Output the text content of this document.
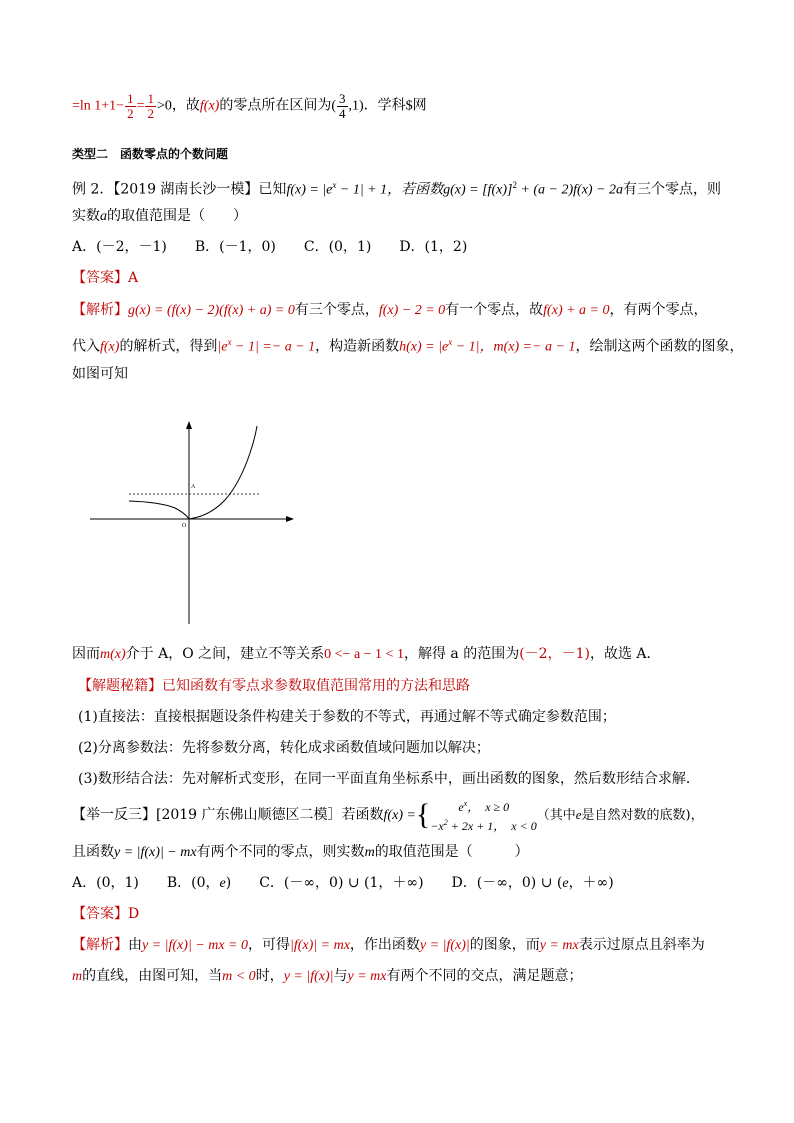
=ln $1+1- \frac{1}{2} = \frac{1}{2} >0$，故f(x)的零点所在区间为( $\frac{3}{4} ,1$)．学科$网
类型二　函数零点的个数问题
例 2．【2019 湖南长沙一模】已知$f(x) = |e^x - 1| + 1$，若函数$g(x) = [f(x)]^2 + (a - 2)f(x) - 2a$有三个零点，则
实数a的取值范围是（　　）
A．(－2，－1)　　B．(－1，0)　　C．(0，1)　　D．(1，2)
【答案】A
【解析】g(x) = (f(x) − 2)(f(x) + a) = 0有三个零点，f(x) − 2 = 0有一个零点，故f(x) + a = 0，有两个零点，
代入f(x)的解析式，得到$|e^x - 1| =- a - 1$，构造新函数$h(x) = |e^x - 1|$，m(x) =− a − 1，绘制这两个函数的图象，
如图可知
A
O
因而m(x)介于 A，O 之间，建立不等关系0 <− a − 1 < 1，解得 a 的范围为(－2，－1)，故选 A．
【解题秘籍】已知函数有零点求参数取值范围常用的方法和思路
(1)直接法：直接根据题设条件构建关于参数的不等式，再通过解不等式确定参数范围；
(2)分离参数法：先将参数分离，转化成求函数值域问题加以解决；
(3)数形结合法：先对解析式变形，在同一平面直角坐标系中，画出函数的图象，然后数形结合求解．
【举一反三】[2019 广东佛山顺德区二模］若函数f(x) ={	$e^x$，　x ≥ 0
$-x^2 + 2x + 1$，　x < 0
（其中e是自然对数的底数)，
且函数y = |f(x)| − mx有两个不同的零点，则实数m的取值范围是（　　　）
A．(0，1)　　B．(0，e)　　C．(－∞，0) ∪ (1，＋∞)　　D．(－∞，0) ∪ (e，＋∞)
【答案】D
【解析】由y = |f(x)| − mx = 0，可得|f(x)| = mx，作出函数y = |f(x)|的图象，而y = mx表示过原点且斜率为
m的直线，由图可知，当m < 0时，y = |f(x)|与y = mx有两个不同的交点，满足题意；
